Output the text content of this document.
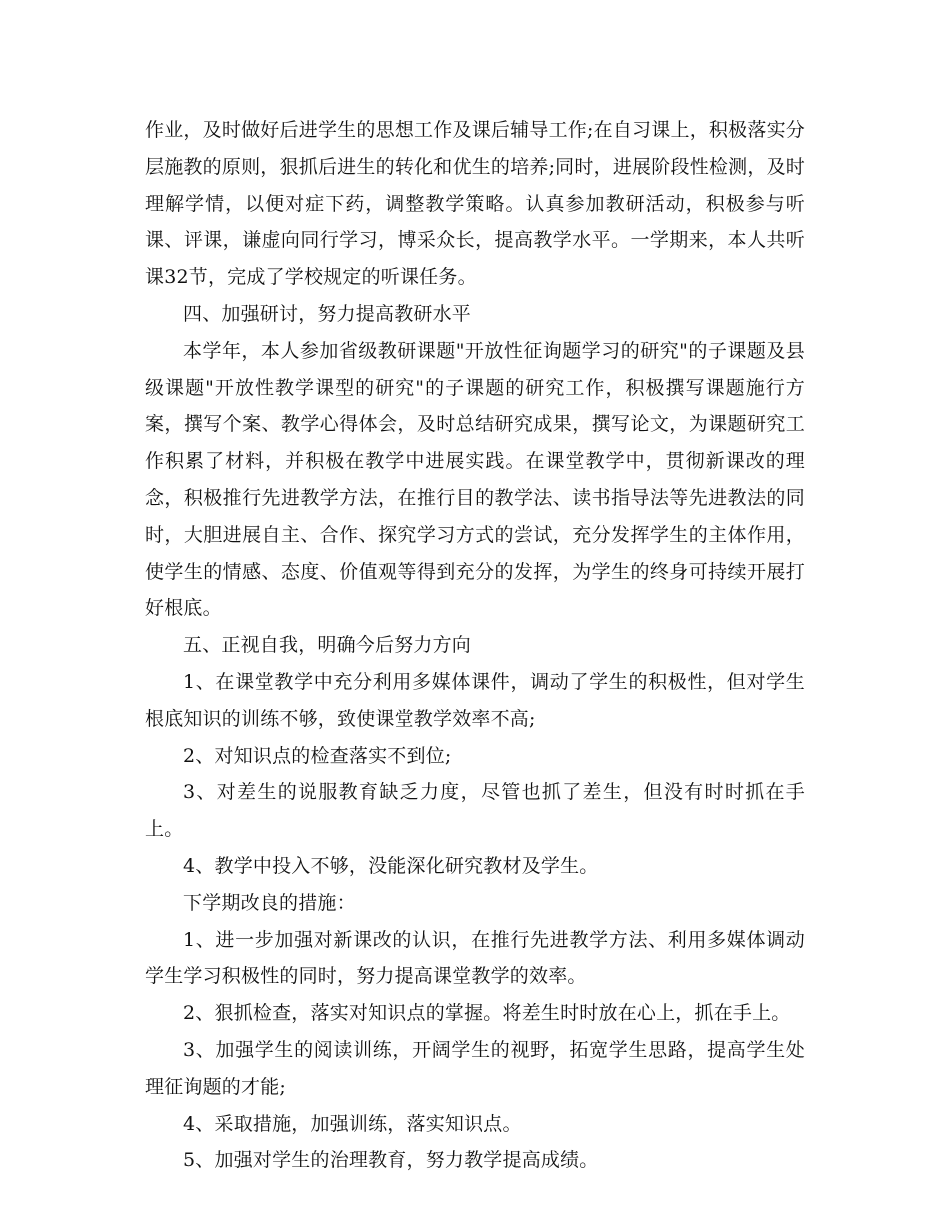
作业，及时做好后进学生的思想工作及课后辅导工作;在自习课上，积极落实分层施教的原则，狠抓后进生的转化和优生的培养;同时，进展阶段性检测，及时理解学情，以便对症下药，调整教学策略。认真参加教研活动，积极参与听课、评课，谦虚向同行学习，博采众长，提高教学水平。一学期来，本人共听课32节，完成了学校规定的听课任务。

四、加强研讨，努力提高教研水平

本学年，本人参加省级教研课题"开放性征询题学习的研究"的子课题及县级课题"开放性教学课型的研究"的子课题的研究工作，积极撰写课题施行方案，撰写个案、教学心得体会，及时总结研究成果，撰写论文，为课题研究工作积累了材料，并积极在教学中进展实践。在课堂教学中，贯彻新课改的理念，积极推行先进教学方法，在推行目的教学法、读书指导法等先进教法的同时，大胆进展自主、合作、探究学习方式的尝试，充分发挥学生的主体作用，使学生的情感、态度、价值观等得到充分的发挥，为学生的终身可持续开展打好根底。

五、正视自我，明确今后努力方向

1、在课堂教学中充分利用多媒体课件，调动了学生的积极性，但对学生根底知识的训练不够，致使课堂教学效率不高;

2、对知识点的检查落实不到位;

3、对差生的说服教育缺乏力度，尽管也抓了差生，但没有时时抓在手上。

4、教学中投入不够，没能深化研究教材及学生。

下学期改良的措施：

1、进一步加强对新课改的认识，在推行先进教学方法、利用多媒体调动学生学习积极性的同时，努力提高课堂教学的效率。

2、狠抓检查，落实对知识点的掌握。将差生时时放在心上，抓在手上。

3、加强学生的阅读训练，开阔学生的视野，拓宽学生思路，提高学生处理征询题的才能;

4、采取措施，加强训练，落实知识点。

5、加强对学生的治理教育，努力教学提高成绩。
